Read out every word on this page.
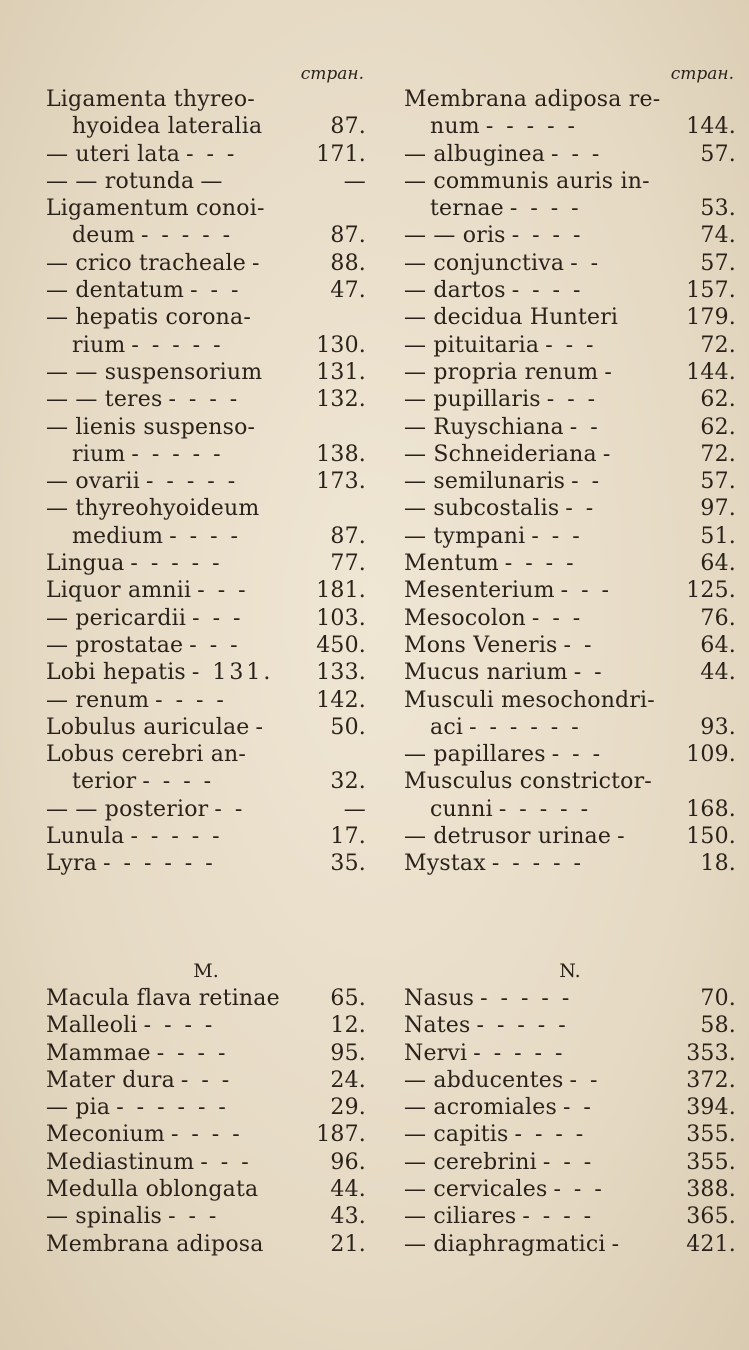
стран.
Ligamenta thyreo-
hyoidea lateralia	87.
— uteri lata - - -	171.
— — rotunda —	—
Ligamentum conoi-
deum - - - - -	87.
— crico tracheale -	88.
— dentatum - - -	47.
— hepatis corona-
rium - - - - -	130.
— — suspensorium 131.
— — teres - - - -	132.
— lienis suspenso-
rium - - - - -	138.
— ovarii - - - - -	173.
— thyreohyoideum
medium - - - -	87.
Lingua - - - - -	77.
Liquor amnii - - -	181.
— pericardii - - -	103.
— prostatae - - -	450.
Lobi hepatis - 131.	133.
— renum - - - -	142.
Lobulus auriculae -	50.
Lobus cerebri an-
terior - - - -	32.
— — posterior - -	—
Lunula - - - - -	17.
Lyra - - - - - -	35.
стран.
Membrana adiposa re-
num - - - - -	144.
— albuginea - - -	57.
— communis auris in-
ternae - - - -	53.
— — oris - - - -	74.
— conjunctiva - -	57.
— dartos - - - -	157.
— decidua Hunteri	179.
— pituitaria - - -	72.
— propria renum -	144.
— pupillaris - - -	62.
— Ruyschiana - -	62.
— Schneideriana -	72.
— semilunaris - -	57.
— subcostalis - -	97.
— tympani - - -	51.
Mentum - - - -	64.
Mesenterium - - -	125.
Mesocolon - - -	76.
Mons Veneris - -	64.
Mucus narium - -	44.
Musculi mesochondri-
aci - - - - - -	93.
— papillares - - -	109.
Musculus constrictor-
cunni - - - - -	168.
— detrusor urinae -	150.
Mystax - - - - -	18.
M.
Macula flava retinae 65.
Malleoli - - - -	12.
Mammae - - - -	95.
Mater dura - - -	24.
— pia - - - - - -	29.
Meconium - - - -	187.
Mediastinum - - -	96.
Medulla oblongata	44.
— spinalis - - -	43.
Membrana adiposa	21.
N.
Nasus - - - - -	70.
Nates - - - - -	58.
Nervi - - - - -	353.
— abducentes - -	372.
— acromiales - -	394.
— capitis - - - -	355.
— cerebrini - - -	355.
— cervicales - - -	388.
— ciliares - - - -	365.
— diaphragmatici -	421.
